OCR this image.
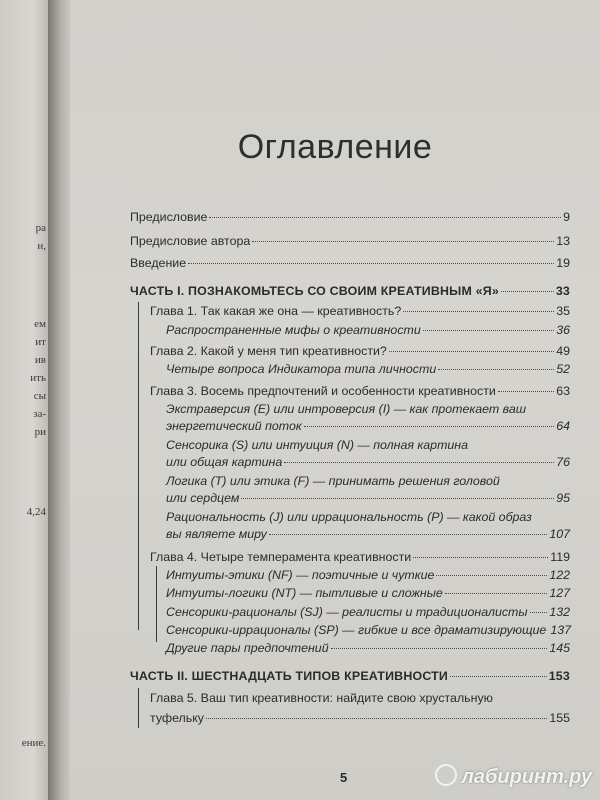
ра
н,
ем
ит
ив
ить
сы
за-
ри
4,24
ение.
Оглавление
Предисловие	9
Предисловие автора	13
Введение	19
ЧАСТЬ I. ПОЗНАКОМЬТЕСЬ СО СВОИМ КРЕАТИВНЫМ «Я»	33
Глава 1. Так какая же она — креативность?	35
Распространенные мифы о креативности	36
Глава 2. Какой у меня тип креативности?	49
Четыре вопроса Индикатора типа личности	52
Глава 3. Восемь предпочтений и особенности креативности	63
Экстраверсия (E) или интроверсия (I) — как протекает ваш
энергетический поток	64
Сенсорика (S) или интуиция (N) — полная картина
или общая картина	76
Логика (T) или этика (F) — принимать решения головой
или сердцем	95
Рациональность (J) или иррациональность (P) — какой образ
вы являете миру	107
Глава 4. Четыре темперамента креативности	119
Интуиты-этики (NF) — поэтичные и чуткие	122
Интуиты-логики (NT) — пытливые и сложные	127
Сенсорики-рационалы (SJ) — реалисты и традиционалисты 132
Сенсорики-иррационалы (SP) — гибкие и все драматизирующие 137
Другие пары предпочтений	145
ЧАСТЬ II. ШЕСТНАДЦАТЬ ТИПОВ КРЕАТИВНОСТИ	153
Глава 5. Ваш тип креативности: найдите свою хрустальную
туфельку	155
5	лабиринт.ру
